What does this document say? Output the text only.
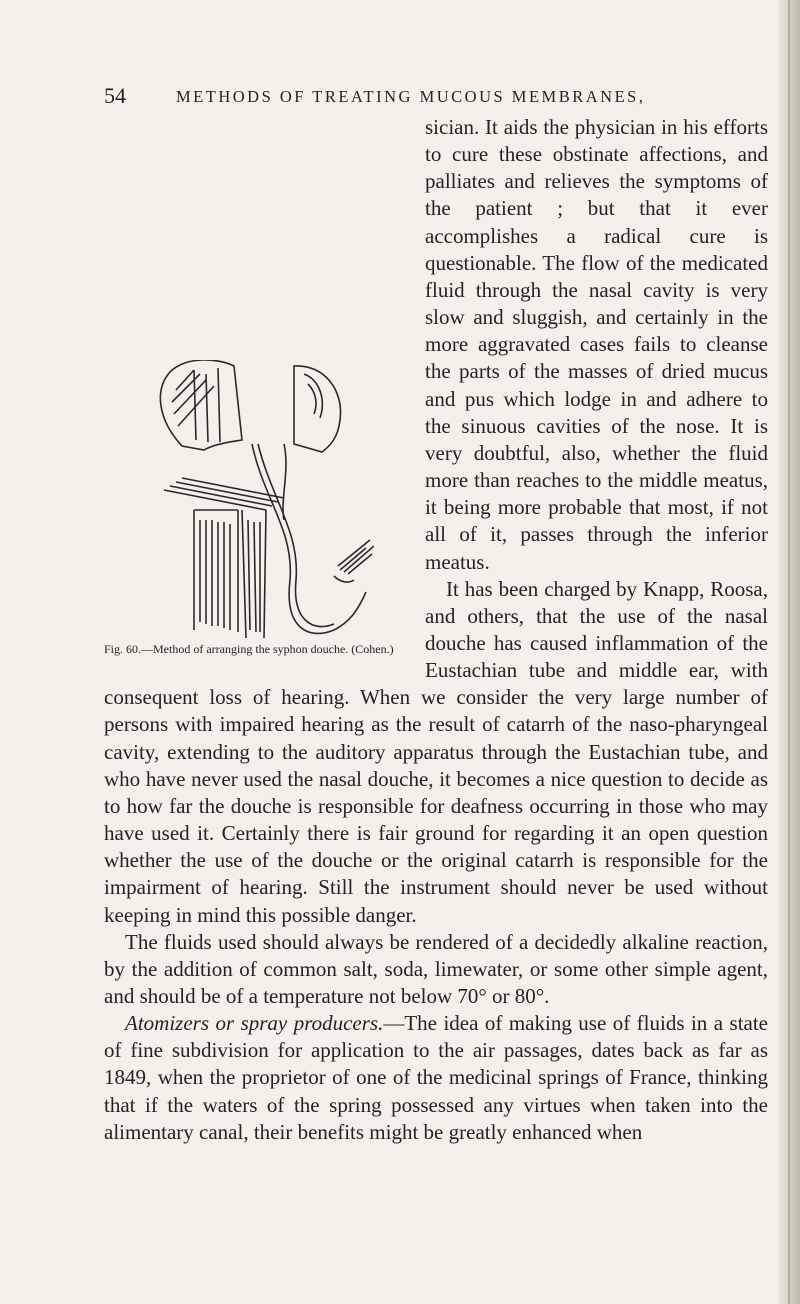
54	METHODS OF TREATING MUCOUS MEMBRANES,
Fig. 60.—Method of arranging the syphon douche. (Cohen.)

sician. It aids the physician in his efforts to cure these obstinate affections, and palliates and relieves the symptoms of the patient ; but that it ever accomplishes a radical cure is questionable. The flow of the medicated fluid through the nasal cavity is very slow and sluggish, and certainly in the more aggravated cases fails to cleanse the parts of the masses of dried mucus and pus which lodge in and adhere to the sinuous cavities of the nose. It is very doubtful, also, whether the fluid more than reaches to the middle meatus, it being more probable that most, if not all of it, passes through the inferior meatus.

It has been charged by Knapp, Roosa, and others, that the use of the nasal douche has caused inflammation of the Eustachian tube and middle ear, with consequent loss of hearing. When we consider the very large number of persons with impaired hearing as the result of catarrh of the naso-pharyngeal cavity, extending to the auditory apparatus through the Eustachian tube, and who have never used the nasal douche, it becomes a nice question to decide as to how far the douche is responsible for deafness occurring in those who may have used it. Certainly there is fair ground for regarding it an open question whether the use of the douche or the original catarrh is responsible for the impairment of hearing. Still the instrument should never be used without keeping in mind this possible danger.

The fluids used should always be rendered of a decidedly alkaline reaction, by the addition of common salt, soda, limewater, or some other simple agent, and should be of a temperature not below 70° or 80°.

Atomizers or spray producers.—The idea of making use of fluids in a state of fine subdivision for application to the air passages, dates back as far as 1849, when the proprietor of one of the medicinal springs of France, thinking that if the waters of the spring possessed any virtues when taken into the alimentary canal, their benefits might be greatly enhanced when
